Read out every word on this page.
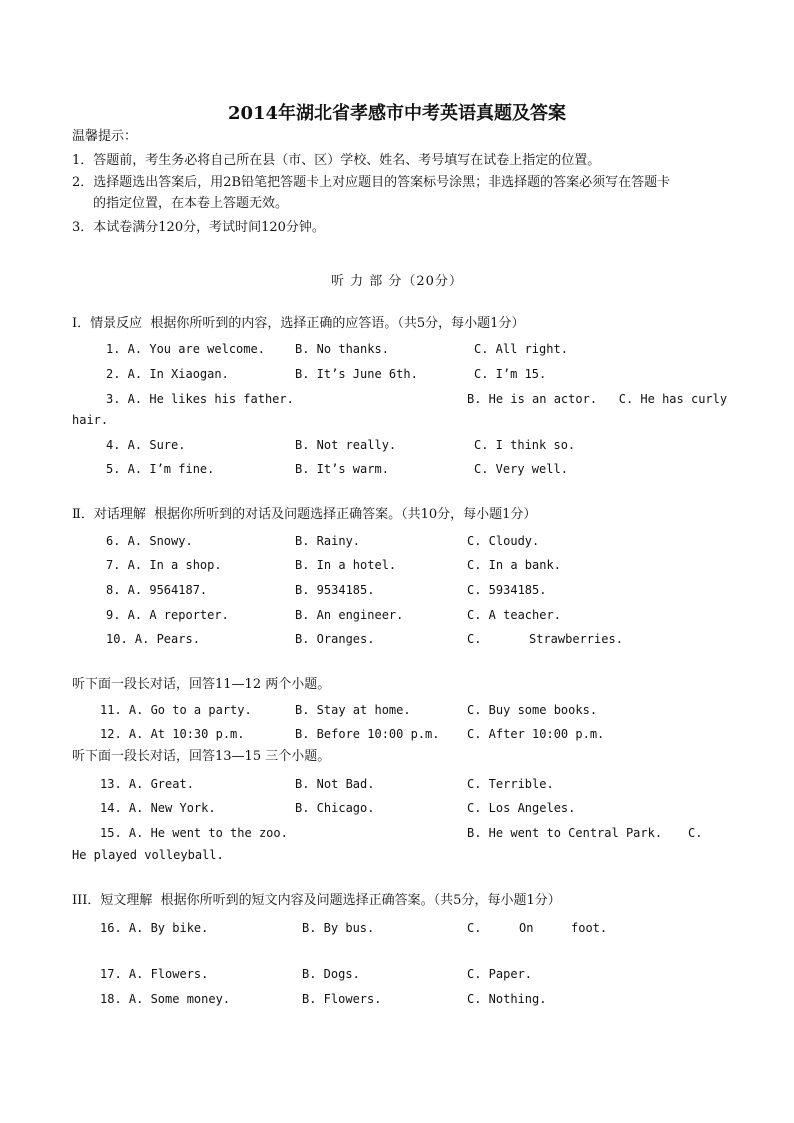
2014年湖北省孝感市中考英语真题及答案
温馨提示：
1．答题前，考生务必将自己所在县（市、区）学校、姓名、考号填写在试卷上指定的位置。
2．选择题选出答案后，用2B铅笔把答题卡上对应题目的答案标号涂黑；非选择题的答案必须写在答题卡
的指定位置，在本卷上答题无效。
3．本试卷满分120分，考试时间120分钟。
听 力 部 分（20分）
I．情景反应  根据你所听到的内容，选择正确的应答语。（共5分，每小题1分）
1. A. You are welcome.	B. No thanks.	C. All right.
2. A. In Xiaogan.	B. It’s June 6th.	C. I’m 15.
3. A. He likes his father.	B. He is an actor.   C. He has curly
hair.
4. A. Sure.	B. Not really.	C. I think so.
5. A. I’m fine.	B. It’s warm.	C. Very well.
Ⅱ．对话理解  根据你所听到的对话及问题选择正确答案。（共10分，每小题1分）
6. A. Snowy.	B. Rainy.	C. Cloudy.
7. A. In a shop.	B. In a hotel.	C. In a bank.
8. A. 9564187.	B. 9534185.	C. 5934185.
9. A. A reporter.	B. An engineer.	C. A teacher.
10. A. Pears.	B. Oranges.	C.	Strawberries.
听下面一段长对话，回答11—12 两个小题。
11. A. Go to a party.	B. Stay at home.	C. Buy some books.
12. A. At 10:30 p.m.	B. Before 10:00 p.m. C. After 10:00 p.m.
听下面一段长对话，回答13—15 三个小题。
13. A. Great.	B. Not Bad.	C. Terrible.
14. A. New York.	B. Chicago.	C. Los Angeles.
15. A. He went to the zoo.	B. He went to Central Park. C.
He played volleyball.
III．短文理解  根据你所听到的短文内容及问题选择正确答案。（共5分，每小题1分）
16. A. By bike.	B. By bus.	C.	On	foot.
17. A. Flowers.	B. Dogs.	C. Paper.
18. A. Some money.	B. Flowers.	C. Nothing.
